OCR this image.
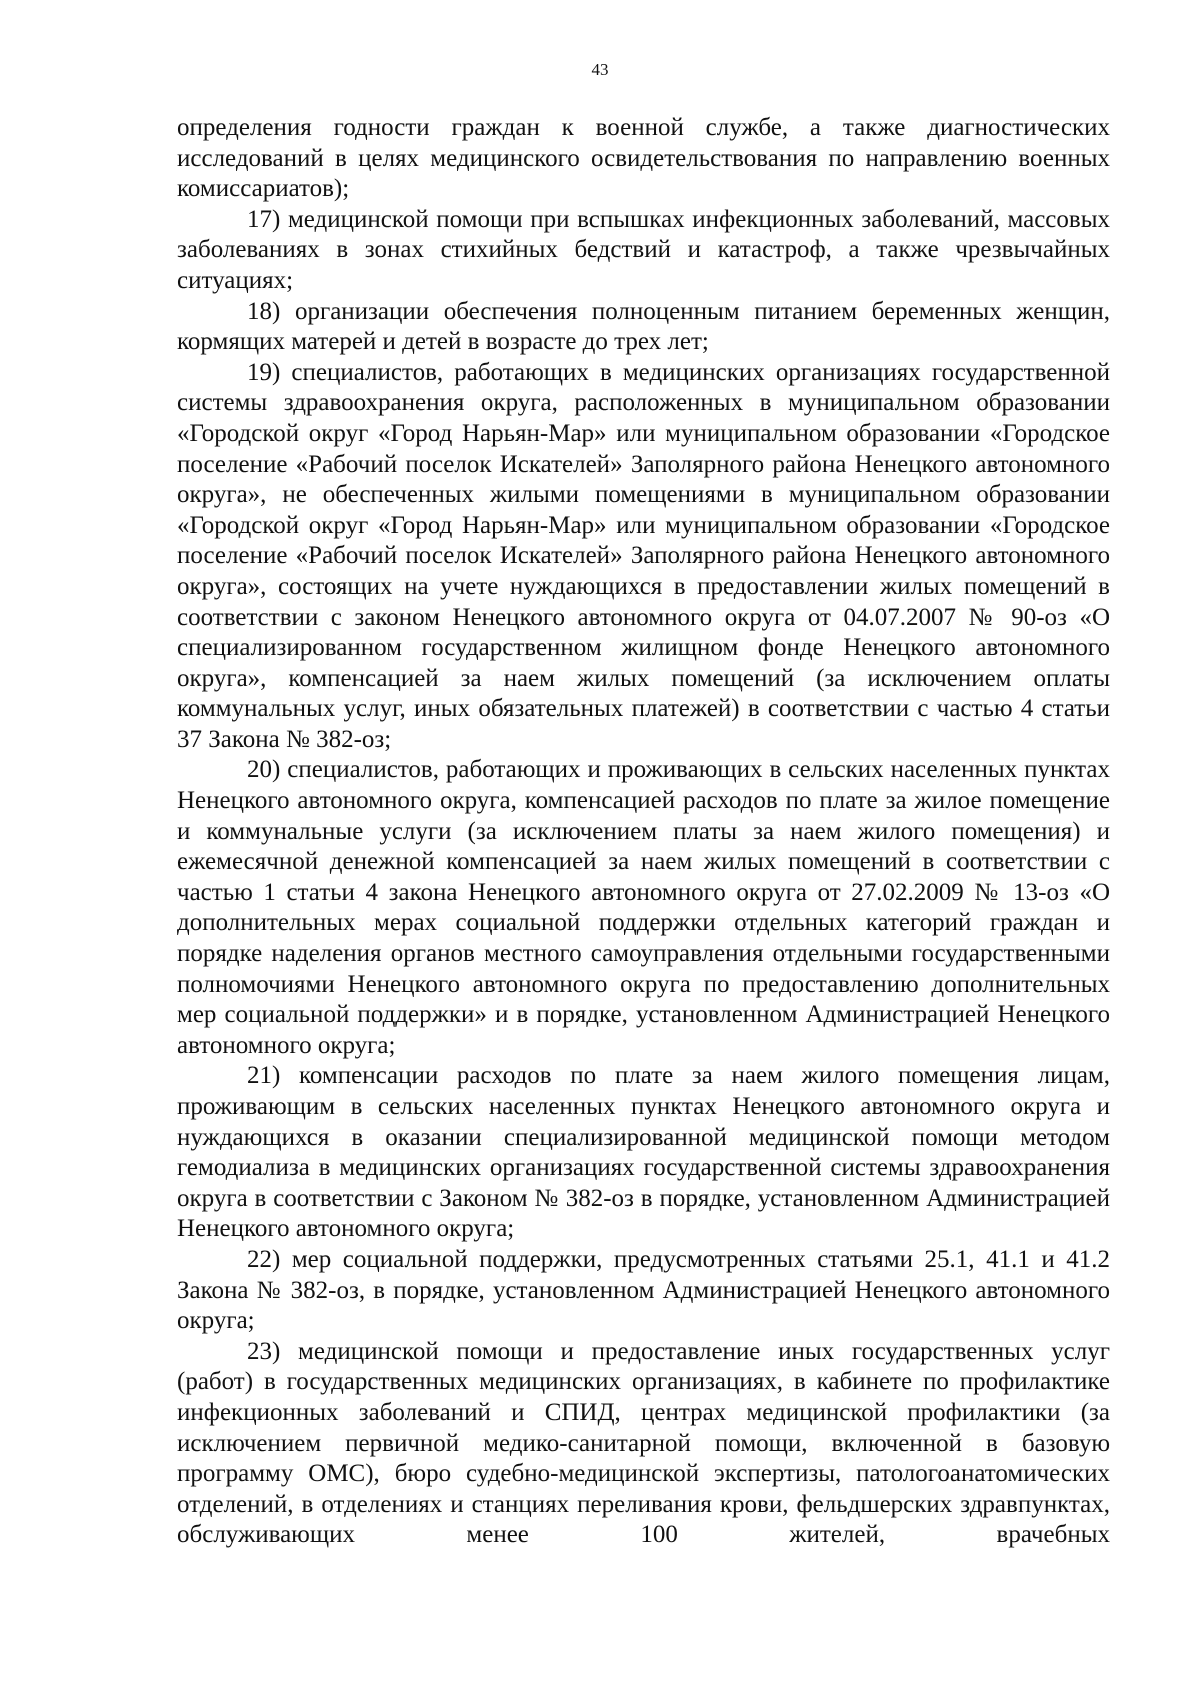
43

определения годности граждан к военной службе, а также диагностических исследований в целях медицинского освидетельствования по направлению военных комиссариатов);

17) медицинской помощи при вспышках инфекционных заболеваний, массовых заболеваниях в зонах стихийных бедствий и катастроф, а также чрезвычайных ситуациях;

18) организации обеспечения полноценным питанием беременных женщин, кормящих матерей и детей в возрасте до трех лет;

19) специалистов, работающих в медицинских организациях государственной системы здравоохранения округа, расположенных в муниципальном образовании «Городской округ «Город Нарьян-Мар» или муниципальном образовании «Городское поселение «Рабочий поселок Искателей» Заполярного района Ненецкого автономного округа», не обеспеченных жилыми помещениями в муниципальном образовании «Городской округ «Город Нарьян-Мар» или муниципальном образовании «Городское поселение «Рабочий поселок Искателей» Заполярного района Ненецкого автономного округа», состоящих на учете нуждающихся в предоставлении жилых помещений в соответствии с законом Ненецкого автономного округа от 04.07.2007 № 90-оз «О специализированном государственном жилищном фонде Ненецкого автономного округа», компенсацией за наем жилых помещений (за исключением оплаты коммунальных услуг, иных обязательных платежей) в соответствии с частью 4 статьи 37 Закона № 382-оз;

20) специалистов, работающих и проживающих в сельских населенных пунктах Ненецкого автономного округа, компенсацией расходов по плате за жилое помещение и коммунальные услуги (за исключением платы за наем жилого помещения) и ежемесячной денежной компенсацией за наем жилых помещений в соответствии с частью 1 статьи 4 закона Ненецкого автономного округа от 27.02.2009 № 13-оз «О дополнительных мерах социальной поддержки отдельных категорий граждан и порядке наделения органов местного самоуправления отдельными государственными полномочиями Ненецкого автономного округа по предоставлению дополнительных мер социальной поддержки» и в порядке, установленном Администрацией Ненецкого автономного округа;

21) компенсации расходов по плате за наем жилого помещения лицам, проживающим в сельских населенных пунктах Ненецкого автономного округа и нуждающихся в оказании специализированной медицинской помощи методом гемодиализа в медицинских организациях государственной системы здравоохранения округа в соответствии с Законом № 382-оз в порядке, установленном Администрацией Ненецкого автономного округа;

22) мер социальной поддержки, предусмотренных статьями 25.1, 41.1 и 41.2 Закона № 382-оз, в порядке, установленном Администрацией Ненецкого автономного округа;

23) медицинской помощи и предоставление иных государственных услуг (работ) в государственных медицинских организациях, в кабинете по профилактике инфекционных заболеваний и СПИД, центрах медицинской профилактики (за исключением первичной медико-санитарной помощи, включенной в базовую программу ОМС), бюро судебно-медицинской экспертизы, патологоанатомических отделений, в отделениях и станциях переливания крови, фельдшерских здравпунктах, обслуживающих менее 100 жителей, врачебных
